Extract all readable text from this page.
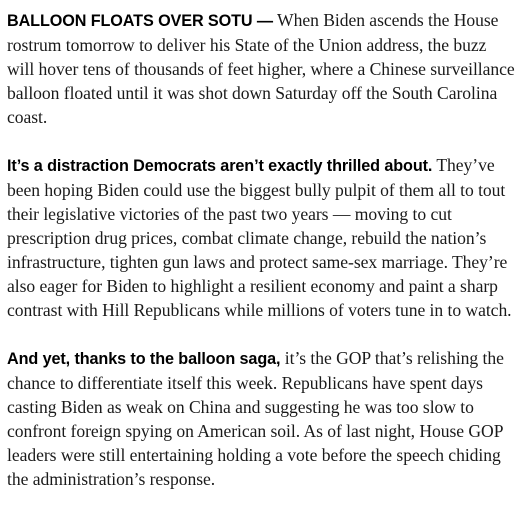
BALLOON FLOATS OVER SOTU — When Biden ascends the House rostrum tomorrow to deliver his State of the Union address, the buzz will hover tens of thousands of feet higher, where a Chinese surveillance balloon floated until it was shot down Saturday off the South Carolina coast.

It’s a distraction Democrats aren’t exactly thrilled about. They’ve been hoping Biden could use the biggest bully pulpit of them all to tout their legislative victories of the past two years — moving to cut prescription drug prices, combat climate change, rebuild the nation’s infrastructure, tighten gun laws and protect same-sex marriage. They’re also eager for Biden to highlight a resilient economy and paint a sharp contrast with Hill Republicans while millions of voters tune in to watch.

And yet, thanks to the balloon saga, it’s the GOP that’s relishing the chance to differentiate itself this week. Republicans have spent days casting Biden as weak on China and suggesting he was too slow to confront foreign spying on American soil. As of last night, House GOP leaders were still entertaining holding a vote before the speech chiding the administration’s response.
